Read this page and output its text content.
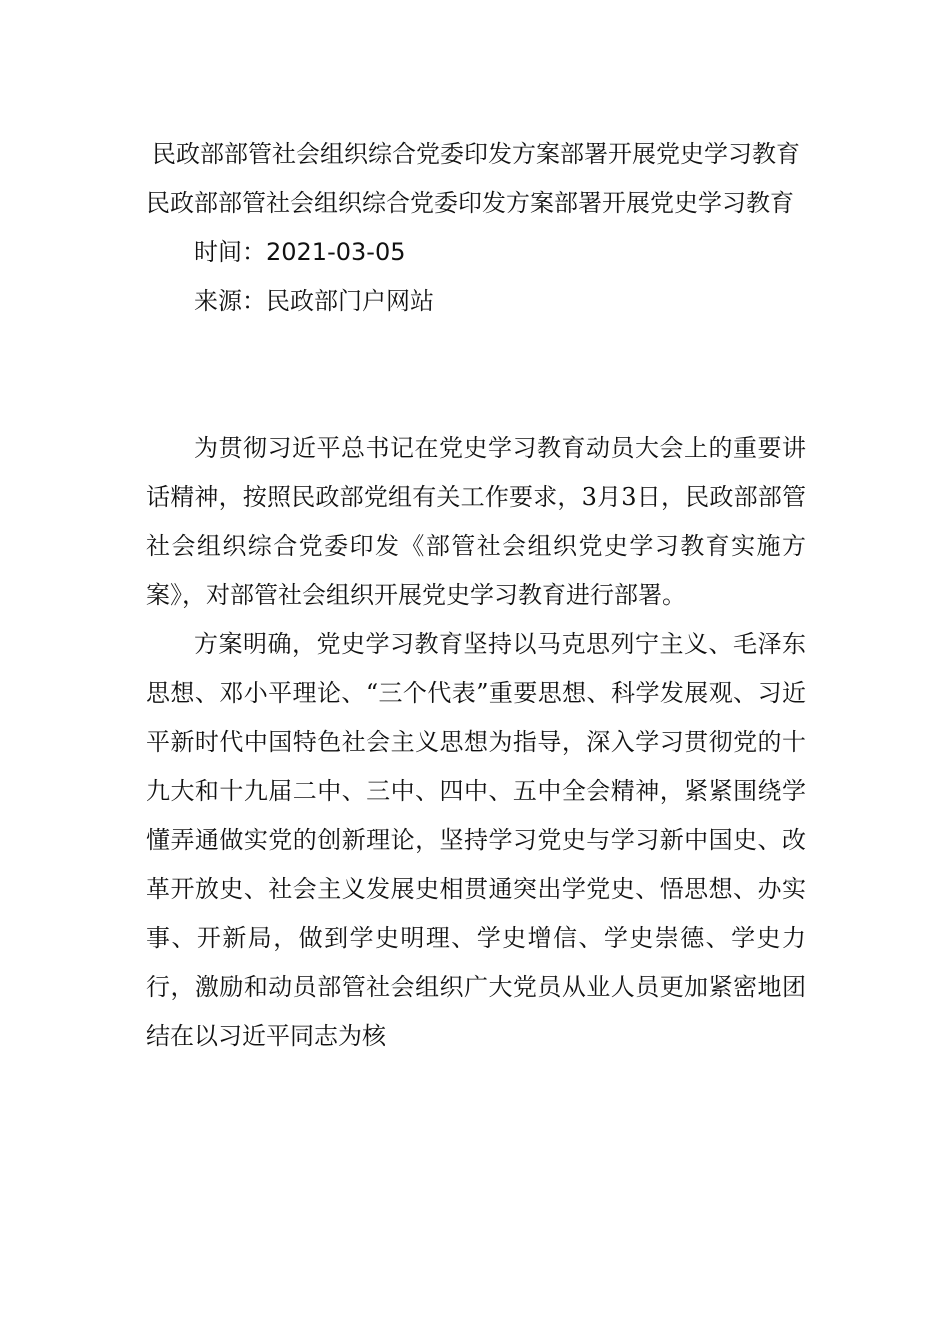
民政部部管社会组织综合党委印发方案部署开展党史学习教育
民政部部管社会组织综合党委印发方案部署开展党史学习教育

时间：2021-03-05

来源：民政部门户网站

为贯彻习近平总书记在党史学习教育动员大会上的重要讲话精神，按照民政部党组有关工作要求，3月3日，民政部部管社会组织综合党委印发《部管社会组织党史学习教育实施方案》，对部管社会组织开展党史学习教育进行部署。

方案明确，党史学习教育坚持以马克思列宁主义、毛泽东思想、邓小平理论、“三个代表”重要思想、科学发展观、习近平新时代中国特色社会主义思想为指导，深入学习贯彻党的十九大和十九届二中、三中、四中、五中全会精神，紧紧围绕学懂弄通做实党的创新理论，坚持学习党史与学习新中国史、改革开放史、社会主义发展史相贯通突出学党史、悟思想、办实事、开新局，做到学史明理、学史增信、学史崇德、学史力行，激励和动员部管社会组织广大党员从业人员更加紧密地团结在以习近平同志为核
